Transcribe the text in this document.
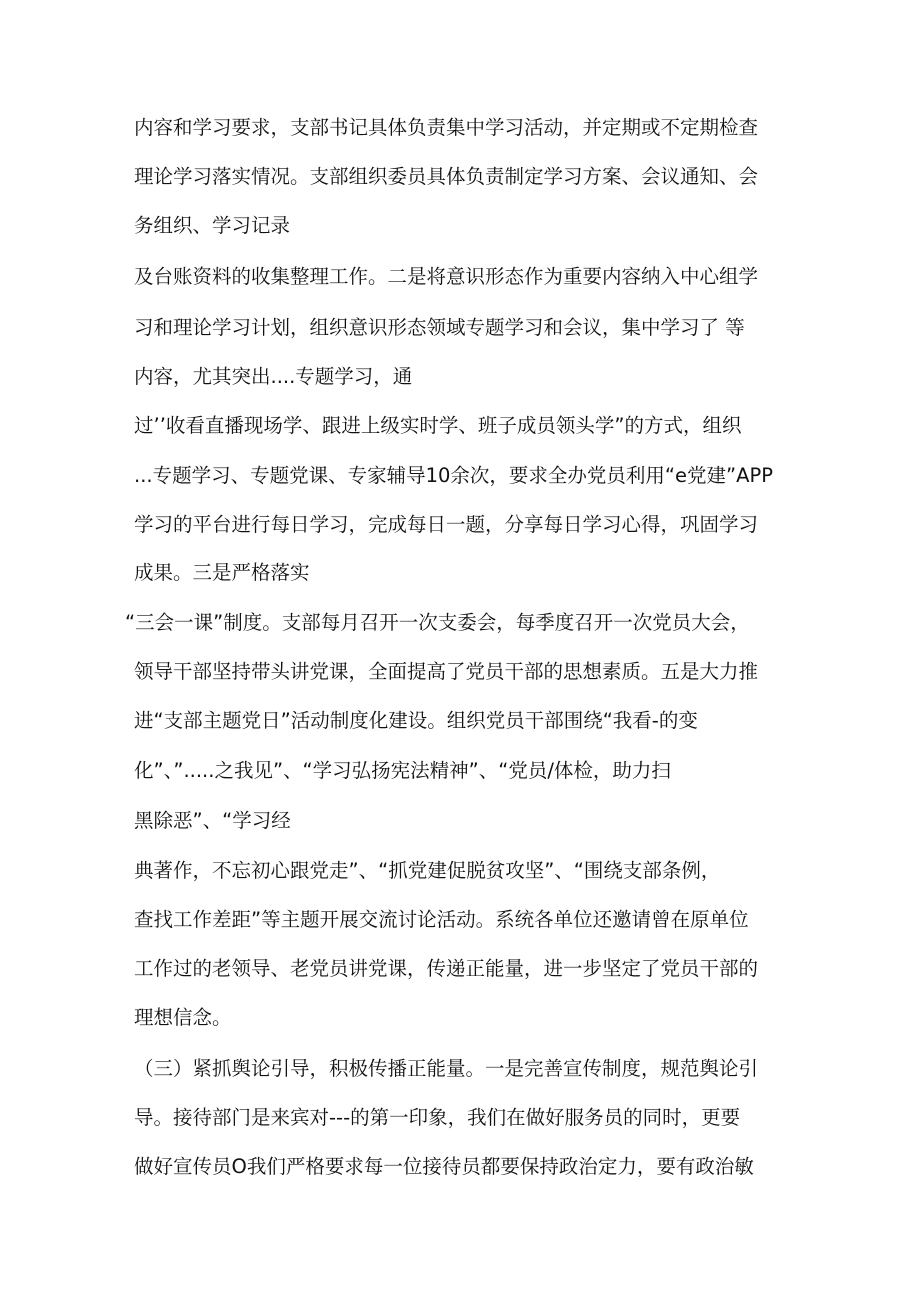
内容和学习要求，支部书记具体负责集中学习活动，并定期或不定期检查
理论学习落实情况。支部组织委员具体负责制定学习方案、会议通知、会
务组织、学习记录
及台账资料的收集整理工作。二是将意识形态作为重要内容纳入中心组学
习和理论学习计划，组织意识形态领域专题学习和会议，集中学习了 等
内容，尤其突出....专题学习，通
过’’收看直播现场学、跟进上级实时学、班子成员领头学”的方式，组织
...专题学习、专题党课、专家辅导10余次，要求全办党员利用“e党建”APP
学习的平台进行每日学习，完成每日一题，分享每日学习心得，巩固学习
成果。三是严格落实
“三会一课”制度。支部每月召开一次支委会，每季度召开一次党员大会，
领导干部坚持带头讲党课，全面提高了党员干部的思想素质。五是大力推
进“支部主题党日”活动制度化建设。组织党员干部围绕“我看-的变
化”、”.....之我见”、“学习弘扬宪法精神”、“党员/体检，助力扫
黑除恶”、“学习经
典著作，不忘初心跟党走”、“抓党建促脱贫攻坚”、“围绕支部条例，
查找工作差距”等主题开展交流讨论活动。系统各单位还邀请曾在原单位
工作过的老领导、老党员讲党课，传递正能量，进一步坚定了党员干部的
理想信念。
（三）紧抓舆论引导，积极传播正能量。一是完善宣传制度，规范舆论引
导。接待部门是来宾对---的第一印象，我们在做好服务员的同时，更要
做好宣传员O我们严格要求每一位接待员都要保持政治定力，要有政治敏
